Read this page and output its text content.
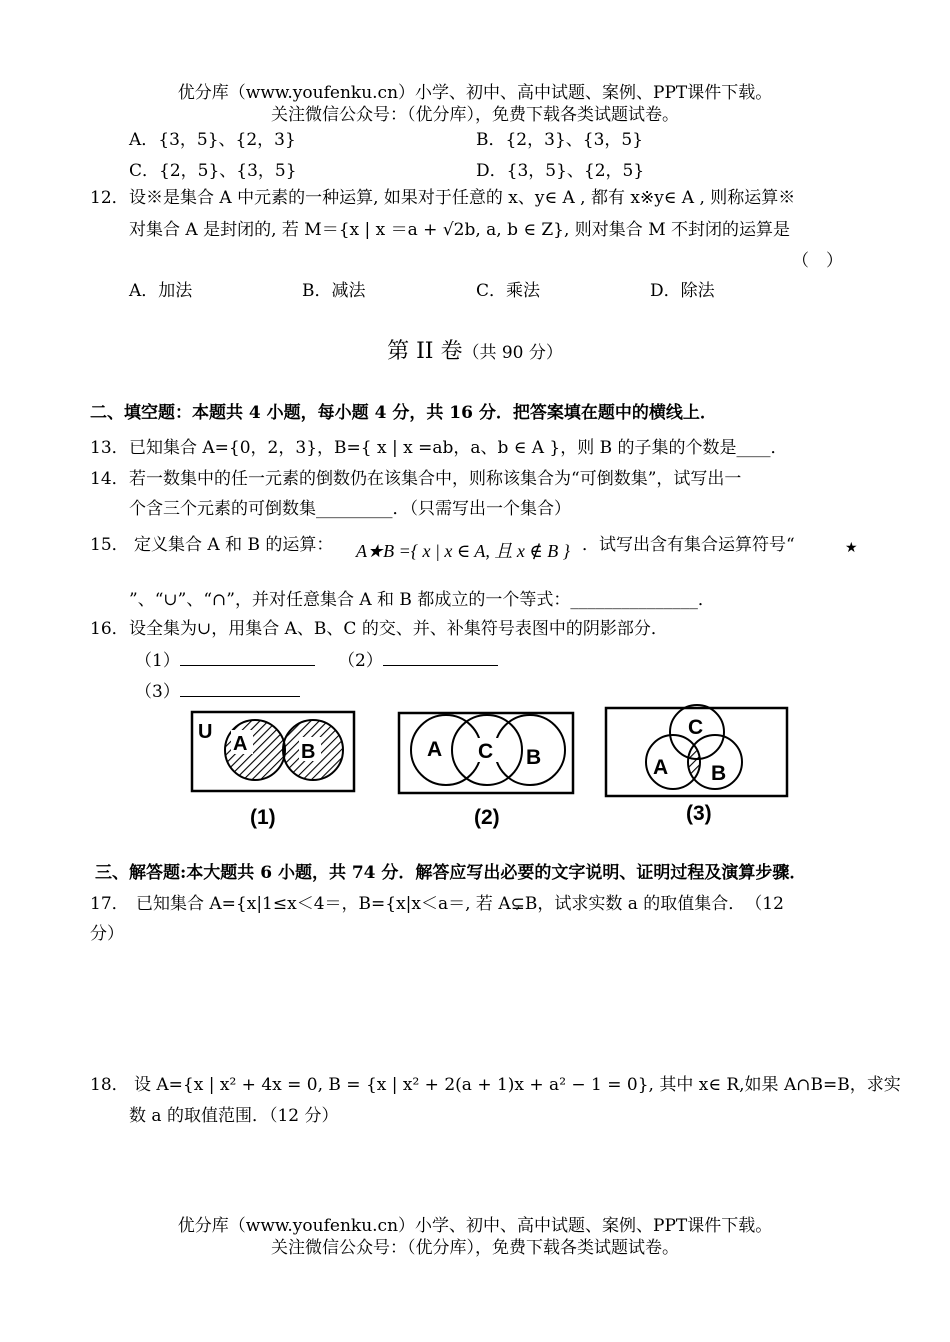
优分库（www.youfenku.cn）小学、初中、高中试题、案例、PPT课件下载。
关注微信公众号：（优分库），免费下载各类试题试卷。
A．{3，5}、{2，3}	B．{2，3}、{3，5}
C．{2，5}、{3，5}	D．{3，5}、{2，5}
12． 设※是集合 A 中元素的一种运算, 如果对于任意的 x、y∈ A , 都有 x※y∈ A , 则称运算※
对集合 A 是封闭的, 若 M＝{x | x ＝a + √2b, a, b ∈ Z}, 则对集合 M 不封闭的运算是
（　）
A．加法	B．减法	C．乘法	D．除法
第 II 卷（共 90 分）
二、填空题：本题共 4 小题，每小题 4 分，共 16 分．把答案填在题中的横线上．
13． 已知集合 A={0，2，3}，B={ x | x =ab，a、b ∈ A }，则 B 的子集的个数是____．
14． 若一数集中的任一元素的倒数仍在该集合中，则称该集合为“可倒数集”，试写出一
个含三个元素的可倒数集_________．（只需写出一个集合）
15． 定义集合 A 和 B 的运算： A★B ={ x | x ∈ A, 且 x ∉ B } ．试写出含有集合运算符号“	★
”、“∪”、“∩”，并对任意集合 A 和 B 都成立的一个等式：_______________．
16． 设全集为∪，用集合 A、B、C 的交、并、补集符号表图中的阴影部分．
（1）	（2）
（3）
U
A	B
(1)
A C B
(2)
C
A B
(3)
三、解答题:本大题共 6 小题，共 74 分．解答应写出必要的文字说明、证明过程及演算步骤．
17． 已知集合 A={x|1≤x＜4＝，B={x|x＜a＝, 若 A⊊B，试求实数 a 的取值集合．　（12
分）
18． 设 A={x | x² + 4x = 0, B = {x | x² + 2(a + 1)x + a² − 1 = 0}, 其中 x∈ R,如果 A∩B=B，求实
数 a 的取值范围．（12 分）
优分库（www.youfenku.cn）小学、初中、高中试题、案例、PPT课件下载。
关注微信公众号：（优分库），免费下载各类试题试卷。
